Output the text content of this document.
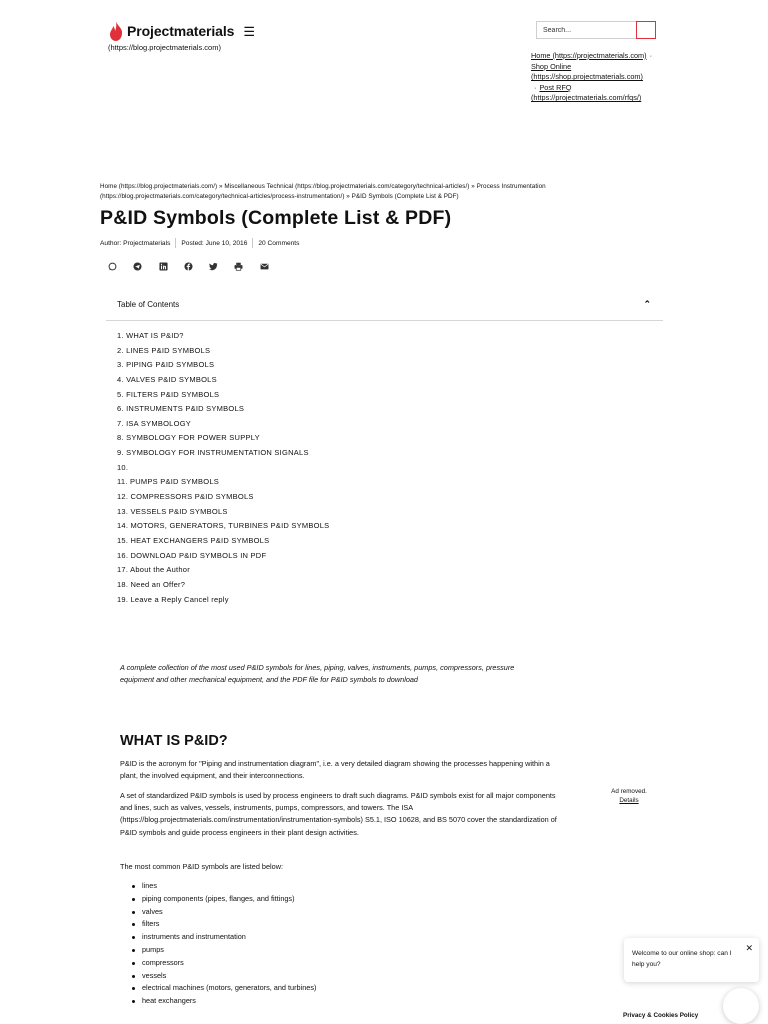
Projectmaterials ☰
(https://blog.projectmaterials.com)
Search...
Home (https://projectmaterials.com) ·
Shop Online (https://shop.projectmaterials.com)
· Post RFQ (https://projectmaterials.com/rfqs/)
Home (https://blog.projectmaterials.com/) » Miscellaneous Technical (https://blog.projectmaterials.com/category/technical-articles/) » Process Instrumentation (https://blog.projectmaterials.com/category/technical-articles/process-instrumentation/) » P&ID Symbols (Complete List & PDF)
P&ID Symbols (Complete List & PDF)
Author: Projectmaterials Posted: June 10, 2016 20 Comments
Table of Contents	⌃
1. WHAT IS P&ID?
2. LINES P&ID SYMBOLS
3. PIPING P&ID SYMBOLS
4. VALVES P&ID SYMBOLS
5. FILTERS P&ID SYMBOLS
6. INSTRUMENTS P&ID SYMBOLS
7. ISA SYMBOLOGY
8. SYMBOLOGY FOR POWER SUPPLY
9. SYMBOLOGY FOR INSTRUMENTATION SIGNALS
10.
11. PUMPS P&ID SYMBOLS
12. COMPRESSORS P&ID SYMBOLS
13. VESSELS P&ID SYMBOLS
14. MOTORS, GENERATORS, TURBINES P&ID SYMBOLS
15. HEAT EXCHANGERS P&ID SYMBOLS
16. DOWNLOAD P&ID SYMBOLS IN PDF
17. About the Author
18. Need an Offer?
19. Leave a Reply Cancel reply

A complete collection of the most used P&ID symbols for lines, piping, valves, instruments, pumps, compressors, pressure equipment and other mechanical equipment, and the PDF file for P&ID symbols to download

WHAT IS P&ID?

P&ID is the acronym for "Piping and instrumentation diagram", i.e. a very detailed diagram showing the processes happening within a plant, the involved equipment, and their interconnections.

A set of standardized P&ID symbols is used by process engineers to draft such diagrams. P&ID symbols exist for all major components and lines, such as valves, vessels, instruments, pumps, compressors, and towers. The ISA (https://blog.projectmaterials.com/instrumentation/instrumentation-symbols) S5.1, ISO 10628, and BS 5070 cover the standardization of P&ID symbols and guide process engineers in their plant design activities.

The most common P&ID symbols are listed below:

lines
piping components (pipes, flanges, and fittings)
valves
filters
instruments and instrumentation
pumps
compressors
vessels
electrical machines (motors, generators, and turbines)
heat exchangers
Ad removed.
Details
✕
Welcome to our online shop: can I help you?
Privacy & Cookies Policy
